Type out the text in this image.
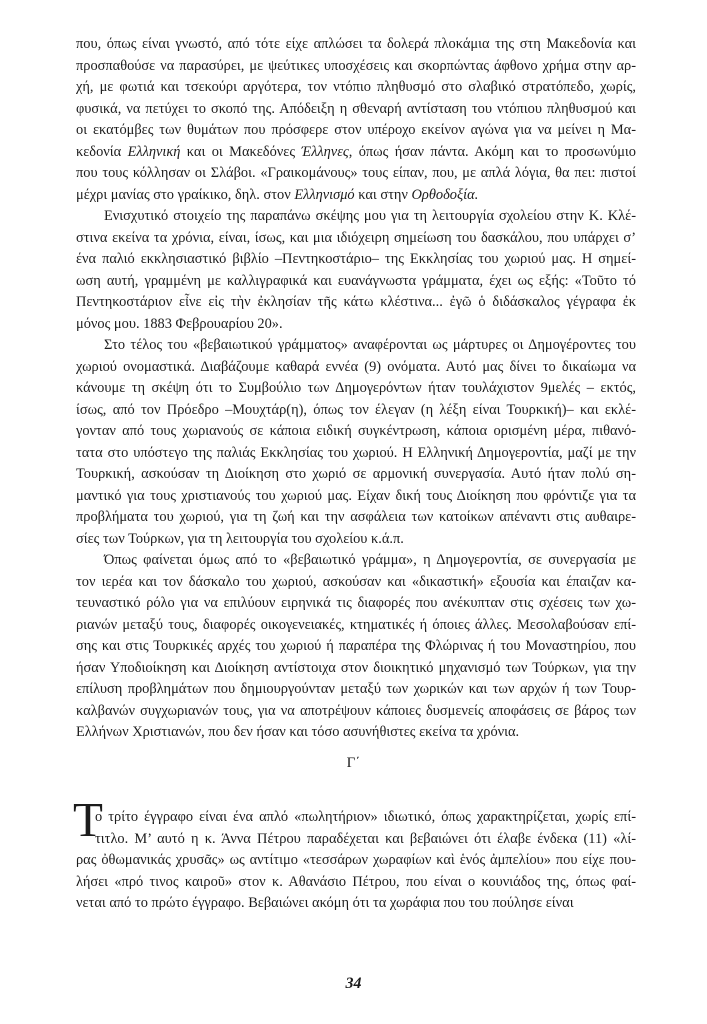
που, όπως είναι γνωστό, από τότε είχε απλώσει τα δολερά πλοκάμια της στη Μακεδονία και
προσπαθούσε να παρασύρει, με ψεύτικες υποσχέσεις και σκορπώντας άφθονο χρήμα στην αρ-
χή, με φωτιά και τσεκούρι αργότερα, τον ντόπιο πληθυσμό στο σλαβικό στρατόπεδο, χωρίς,
φυσικά, να πετύχει το σκοπό της. Απόδειξη η σθεναρή αντίσταση του ντόπιου πληθυσμού και
οι εκατόμβες των θυμάτων που πρόσφερε στον υπέροχο εκείνον αγώνα για να μείνει η Μα-
κεδονία Ελληνική και οι Μακεδόνες Έλληνες, όπως ήσαν πάντα. Ακόμη και το προσωνύμιο
που τους κόλλησαν οι Σλάβοι. «Γραικομάνους» τους είπαν, που, με απλά λόγια, θα πει: πιστοί
μέχρι μανίας στο γραίκικο, δηλ. στον Ελληνισμό και στην Ορθοδοξία.
Ενισχυτικό στοιχείο της παραπάνω σκέψης μου για τη λειτουργία σχολείου στην Κ. Κλέ-
στινα εκείνα τα χρόνια, είναι, ίσως, και μια ιδιόχειρη σημείωση του δασκάλου, που υπάρχει σ’
ένα παλιό εκκλησιαστικό βιβλίο –Πεντηκοστάριο– της Εκκλησίας του χωριού μας. Η σημεί-
ωση αυτή, γραμμένη με καλλιγραφικά και ευανάγνωστα γράμματα, έχει ως εξής: «Τοῦτο τό
Πεντηκοστάριον εἶνε εἰς τὴν ἐκλησίαν τῆς κάτω κλέστινα... ἐγῶ ὁ διδάσκαλος γέγραφα ἐκ
μόνος μου. 1883 Φεβρουαρίου 20».
Στο τέλος του «βεβαιωτικού γράμματος» αναφέρονται ως μάρτυρες οι Δημογέροντες του
χωριού ονομαστικά. Διαβάζουμε καθαρά εννέα (9) ονόματα. Αυτό μας δίνει το δικαίωμα να
κάνουμε τη σκέψη ότι το Συμβούλιο των Δημογερόντων ήταν τουλάχιστον 9μελές – εκτός,
ίσως, από τον Πρόεδρο –Μουχτάρ(η), όπως τον έλεγαν (η λέξη είναι Τουρκική)– και εκλέ-
γονταν από τους χωριανούς σε κάποια ειδική συγκέντρωση, κάποια ορισμένη μέρα, πιθανό-
τατα στο υπόστεγο της παλιάς Εκκλησίας του χωριού. Η Ελληνική Δημογεροντία, μαζί με την
Τουρκική, ασκούσαν τη Διοίκηση στο χωριό σε αρμονική συνεργασία. Αυτό ήταν πολύ ση-
μαντικό για τους χριστιανούς του χωριού μας. Είχαν δική τους Διοίκηση που φρόντιζε για τα
προβλήματα του χωριού, για τη ζωή και την ασφάλεια των κατοίκων απέναντι στις αυθαιρε-
σίες των Τούρκων, για τη λειτουργία του σχολείου κ.ά.π.
Όπως φαίνεται όμως από το «βεβαιωτικό γράμμα», η Δημογεροντία, σε συνεργασία με
τον ιερέα και τον δάσκαλο του χωριού, ασκούσαν και «δικαστική» εξουσία και έπαιζαν κα-
τευναστικό ρόλο για να επιλύουν ειρηνικά τις διαφορές που ανέκυπταν στις σχέσεις των χω-
ριανών μεταξύ τους, διαφορές οικογενειακές, κτηματικές ή όποιες άλλες. Μεσολαβούσαν επί-
σης και στις Τουρκικές αρχές του χωριού ή παραπέρα της Φλώρινας ή του Μοναστηρίου, που
ήσαν Υποδιοίκηση και Διοίκηση αντίστοιχα στον διοικητικό μηχανισμό των Τούρκων, για την
επίλυση προβλημάτων που δημιουργούνταν μεταξύ των χωρικών και των αρχών ή των Τουρ-
καλβανών συγχωριανών τους, για να αποτρέψουν κάποιες δυσμενείς αποφάσεις σε βάρος των
Ελλήνων Χριστιανών, που δεν ήσαν και τόσο ασυνήθιστες εκείνα τα χρόνια.
Γ΄
Τ
ο τρίτο έγγραφο είναι ένα απλό «πωλητήριον» ιδιωτικό, όπως χαρακτηρίζεται, χωρίς επί-
τιτλο. Μ’ αυτό η κ. Άννα Πέτρου παραδέχεται και βεβαιώνει ότι έλαβε ένδεκα (11) «λί-
ρας ὀθωμανικάς χρυσᾶς» ως αντίτιμο «τεσσάρων χωραφίων καὶ ἑνός ἀμπελίου» που είχε που-
λήσει «πρό τινος καιροῦ» στον κ. Αθανάσιο Πέτρου, που είναι ο κουνιάδος της, όπως φαί-
νεται από το πρώτο έγγραφο. Βεβαιώνει ακόμη ότι τα χωράφια που του πούλησε είναι
34
